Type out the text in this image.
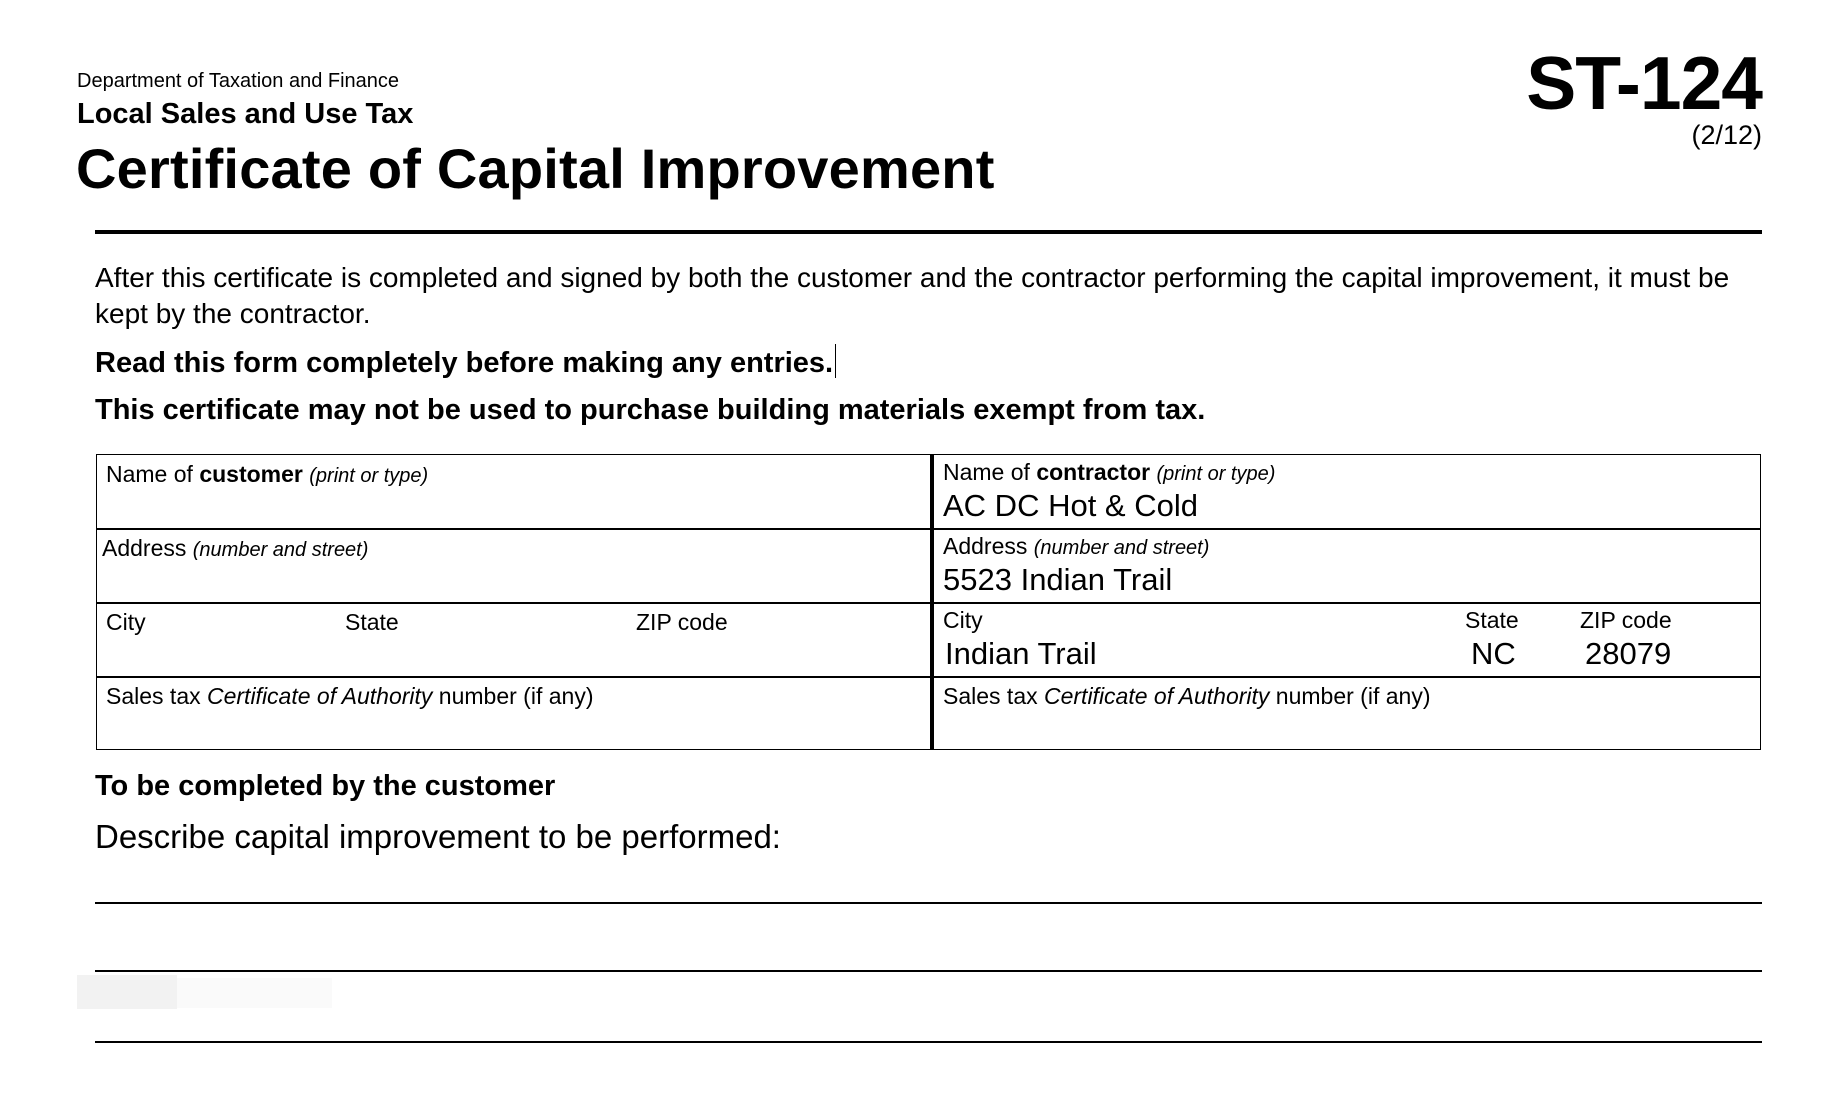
Department of Taxation and Finance
Local Sales and Use Tax
Certificate of Capital Improvement
ST-124
(2/12)
After this certificate is completed and signed by both the customer and the contractor performing the capital improvement, it must be kept by the contractor.
Read this form completely before making any entries.
This certificate may not be used to purchase building materials exempt from tax.
Name of customer (print or type)
Address (number and street)
City	State	ZIP code
Sales tax Certificate of Authority number (if any)
Name of contractor (print or type)
AC DC Hot & Cold
Address (number and street)
5523 Indian Trail
City	State	ZIP code
Indian Trail	NC 28079
Sales tax Certificate of Authority number (if any)
To be completed by the customer
Describe capital improvement to be performed:
